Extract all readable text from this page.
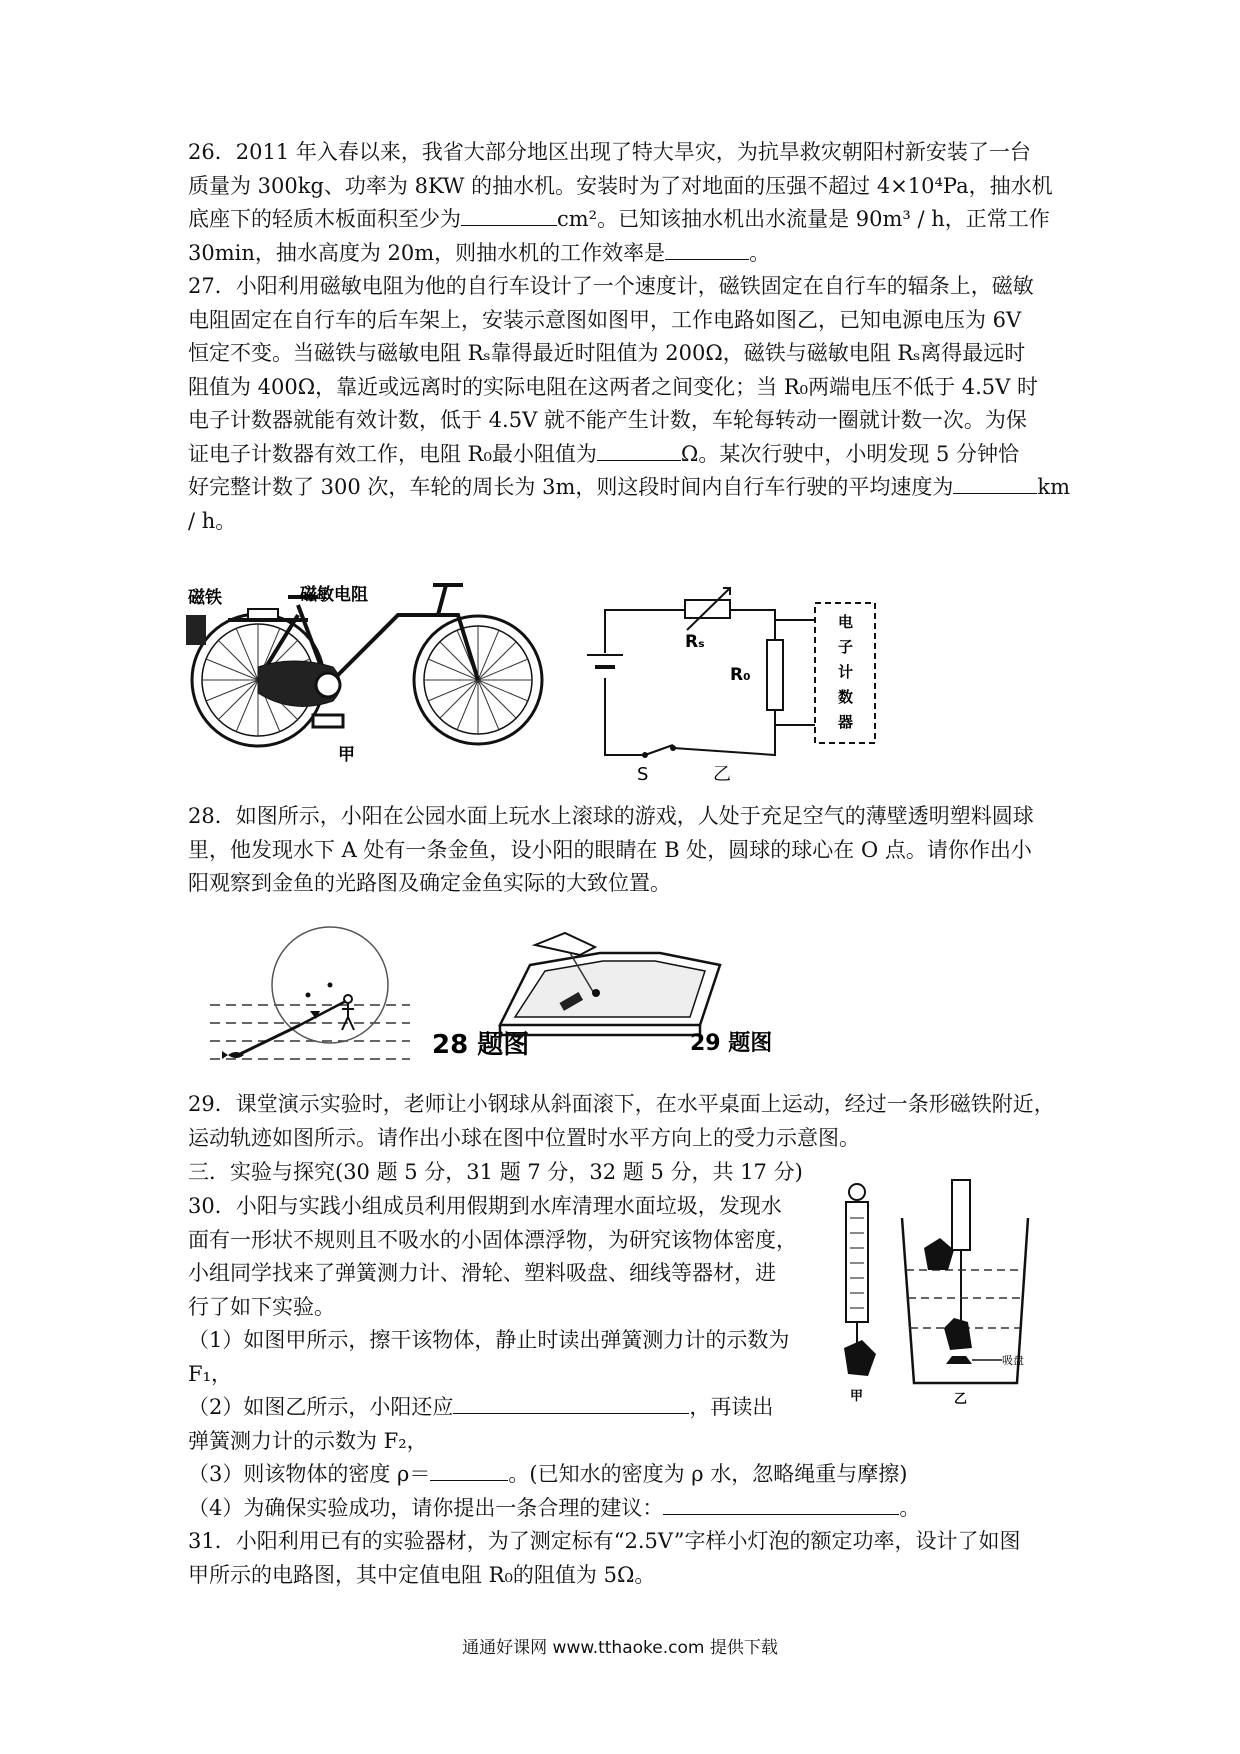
26．2011 年入春以来，我省大部分地区出现了特大旱灾，为抗旱救灾朝阳村新安装了一台
质量为 300kg、功率为 8KW 的抽水机。安装时为了对地面的压强不超过 4×10⁴Pa，抽水机
底座下的轻质木板面积至少为	cm²。已知该抽水机出水流量是 90m³ / h，正常工作
30min，抽水高度为 20m，则抽水机的工作效率是	。

27．小阳利用磁敏电阻为他的自行车设计了一个速度计，磁铁固定在自行车的辐条上，磁敏
电阻固定在自行车的后车架上，安装示意图如图甲，工作电路如图乙，已知电源电压为 6V
恒定不变。当磁铁与磁敏电阻 Rₛ靠得最近时阻值为 200Ω，磁铁与磁敏电阻 Rₛ离得最远时
阻值为 400Ω，靠近或远离时的实际电阻在这两者之间变化；当 R₀两端电压不低于 4.5V 时
电子计数器就能有效计数，低于 4.5V 就不能产生计数，车轮每转动一圈就计数一次。为保
证电子计数器有效工作，电阻 R₀最小阻值为	Ω。某次行驶中，小明发现 5 分钟恰
好完整计数了 300 次，车轮的周长为 3m，则这段时间内自行车行驶的平均速度为	km
/ h。

磁铁	磁敏电阻
甲
Rₛ
R₀
S	乙
电
子
计
数
器

28．如图所示，小阳在公园水面上玩水上滚球的游戏，人处于充足空气的薄壁透明塑料圆球
里，他发现水下 A 处有一条金鱼，设小阳的眼睛在 B 处，圆球的球心在 O 点。请你作出小
阳观察到金鱼的光路图及确定金鱼实际的大致位置。

28 题图	29 题图

29．课堂演示实验时，老师让小钢球从斜面滚下，在水平桌面上运动，经过一条形磁铁附近，
运动轨迹如图所示。请作出小球在图中位置时水平方向上的受力示意图。

三．实验与探究(30 题 5 分，31 题 7 分，32 题 5 分，共 17 分)

30．小阳与实践小组成员利用假期到水库清理水面垃圾，发现水
面有一形状不规则且不吸水的小固体漂浮物，为研究该物体密度，
小组同学找来了弹簧测力计、滑轮、塑料吸盘、细线等器材，进
行了如下实验。
（1）如图甲所示，擦干该物体，静止时读出弹簧测力计的示数为
F₁，
（2）如图乙所示，小阳还应	，再读出
弹簧测力计的示数为 F₂，

（3）则该物体的密度 ρ＝	。(已知水的密度为 ρ 水，忽略绳重与摩擦)
（4）为确保实验成功，请你提出一条合理的建议：	。

甲
吸盘
乙

31．小阳利用已有的实验器材，为了测定标有“2.5V”字样小灯泡的额定功率，设计了如图
甲所示的电路图，其中定值电阻 R₀的阻值为 5Ω。

通通好课网 www.tthaoke.com 提供下载
